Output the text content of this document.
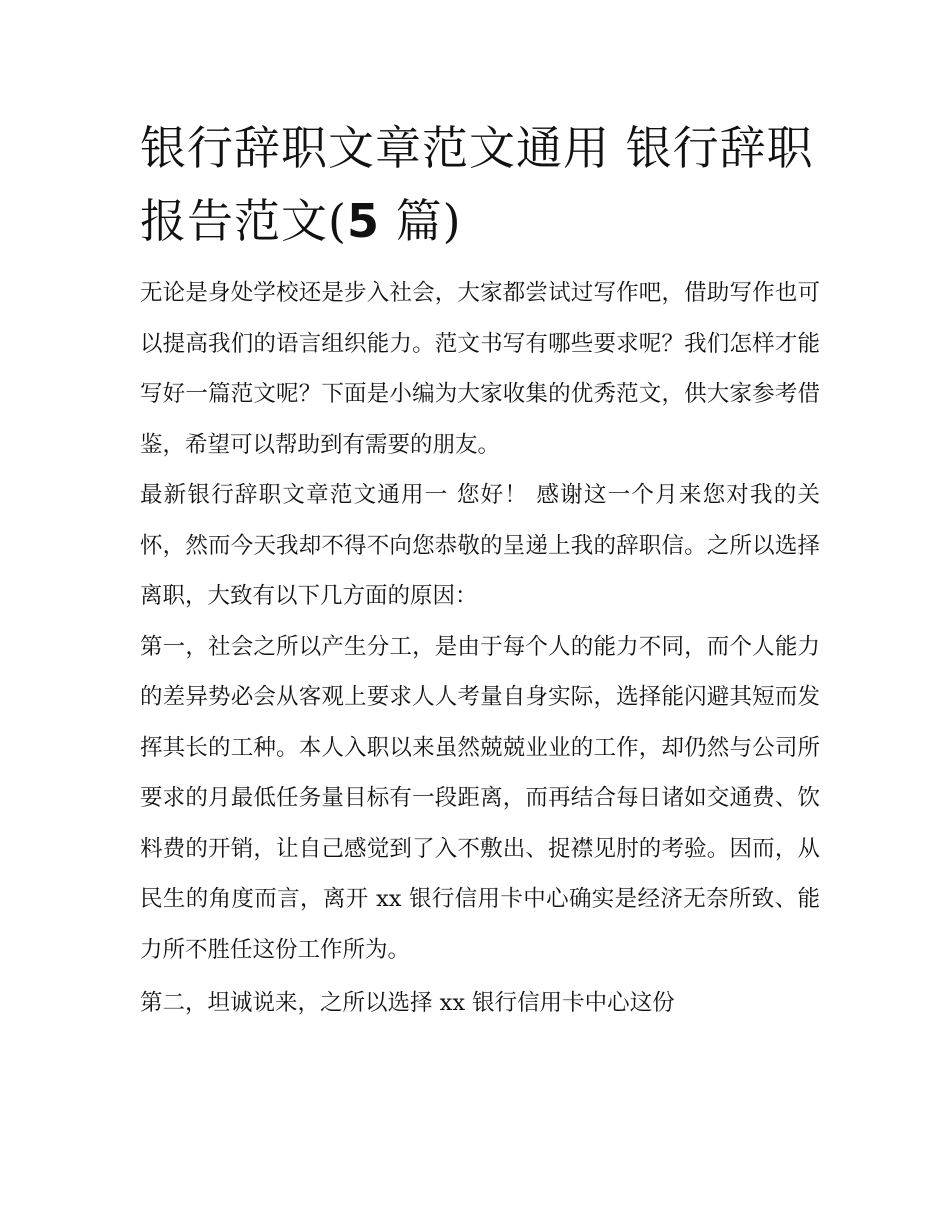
银行辞职文章范文通用 银行辞职报告范文(5 篇)

无论是身处学校还是步入社会，大家都尝试过写作吧，借助写作也可以提高我们的语言组织能力。范文书写有哪些要求呢？我们怎样才能写好一篇范文呢？下面是小编为大家收集的优秀范文，供大家参考借鉴，希望可以帮助到有需要的朋友。

最新银行辞职文章范文通用一 您好！ 感谢这一个月来您对我的关怀，然而今天我却不得不向您恭敬的呈递上我的辞职信。之所以选择离职，大致有以下几方面的原因：

第一，社会之所以产生分工，是由于每个人的能力不同，而个人能力的差异势必会从客观上要求人人考量自身实际，选择能闪避其短而发挥其长的工种。本人入职以来虽然兢兢业业的工作，却仍然与公司所要求的月最低任务量目标有一段距离，而再结合每日诸如交通费、饮料费的开销，让自己感觉到了入不敷出、捉襟见肘的考验。因而，从民生的角度而言，离开 xx 银行信用卡中心确实是经济无奈所致、能力所不胜任这份工作所为。

第二，坦诚说来，之所以选择 xx 银行信用卡中心这份
